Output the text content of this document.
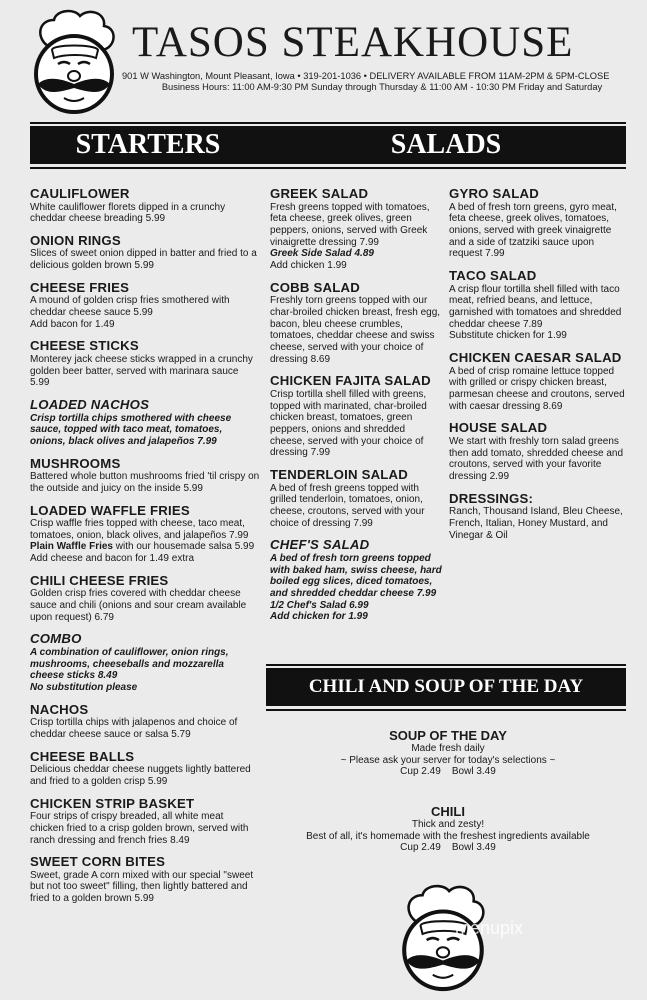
TASOS STEAKHOUSE
901 W Washington, Mount Pleasant, Iowa • 319-201-1036 • DELIVERY AVAILABLE FROM 11AM-2PM & 5PM-CLOSE
Business Hours: 11:00 AM-9:30 PM Sunday through Thursday & 11:00 AM - 10:30 PM Friday and Saturday
STARTERS	SALADS
CHILI AND SOUP OF THE DAY
CAULIFLOWER
White cauliflower florets dipped in a crunchy cheddar cheese breading 5.99
ONION RINGS
Slices of sweet onion dipped in batter and fried to a delicious golden brown 5.99
CHEESE FRIES
A mound of golden crisp fries smothered with cheddar cheese sauce 5.99
Add bacon for 1.49
CHEESE STICKS
Monterey jack cheese sticks wrapped in a crunchy golden beer batter, served with marinara sauce 5.99
LOADED NACHOS
Crisp tortilla chips smothered with cheese sauce, topped with taco meat, tomatoes, onions, black olives and jalapeños 7.99
MUSHROOMS
Battered whole button mushrooms fried 'til crispy on the outside and juicy on the inside 5.99
LOADED WAFFLE FRIES
Crisp waffle fries topped with cheese, taco meat, tomatoes, onion, black olives, and jalapeños 7.99
Plain Waffle Fries with our housemade salsa 5.99
Add cheese and bacon for 1.49 extra
CHILI CHEESE FRIES
Golden crisp fries covered with cheddar cheese sauce and chili (onions and sour cream available upon request) 6.79
COMBO
A combination of cauliflower, onion rings, mushrooms, cheeseballs and mozzarella cheese sticks 8.49
No substitution please
NACHOS
Crisp tortilla chips with jalapenos and choice of cheddar cheese sauce or salsa 5.79
CHEESE BALLS
Delicious cheddar cheese nuggets lightly battered and fried to a golden crisp 5.99
CHICKEN STRIP BASKET
Four strips of crispy breaded, all white meat chicken fried to a crisp golden brown, served with ranch dressing and french fries 8.49
SWEET CORN BITES
Sweet, grade A corn mixed with our special "sweet but not too sweet" filling, then lightly battered and fried to a golden brown 5.99
GREEK SALAD
Fresh greens topped with tomatoes, feta cheese, greek olives, green peppers, onions, served with Greek vinaigrette dressing 7.99
Greek Side Salad 4.89
Add chicken 1.99
COBB SALAD
Freshly torn greens topped with our char-broiled chicken breast, fresh egg, bacon, bleu cheese crumbles, tomatoes, cheddar cheese and swiss cheese, served with your choice of dressing 8.69
CHICKEN FAJITA SALAD
Crisp tortilla shell filled with greens, topped with marinated, char-broiled chicken breast, tomatoes, green peppers, onions and shredded cheese, served with your choice of dressing 7.99
TENDERLOIN SALAD
A bed of fresh greens topped with grilled tenderloin, tomatoes, onion, cheese, croutons, served with your choice of dressing 7.99
CHEF'S SALAD
A bed of fresh torn greens topped with baked ham, swiss cheese, hard boiled egg slices, diced tomatoes, and shredded cheddar cheese 7.99
1/2 Chef's Salad 6.99
Add chicken for 1.99
GYRO SALAD
A bed of fresh torn greens, gyro meat, feta cheese, greek olives, tomatoes, onions, served with greek vinaigrette and a side of tzatziki sauce upon request 7.99
TACO SALAD
A crisp flour tortilla shell filled with taco meat, refried beans, and lettuce, garnished with tomatoes and shredded cheddar cheese 7.89
Substitute chicken for 1.99
CHICKEN CAESAR SALAD
A bed of crisp romaine lettuce topped with grilled or crispy chicken breast, parmesan cheese and croutons, served with caesar dressing 8.69
HOUSE SALAD
We start with freshly torn salad greens then add tomato, shredded cheese and croutons, served with your favorite dressing 2.99
DRESSINGS:
Ranch, Thousand Island, Bleu Cheese, French, Italian, Honey Mustard, and Vinegar & Oil
SOUP OF THE DAY
Made fresh daily
~ Please ask your server for today's selections ~
Cup 2.49 Bowl 3.49
CHILI
Thick and zesty!
Best of all, it's homemade with the freshest ingredients available
Cup 2.49 Bowl 3.49
menupix
